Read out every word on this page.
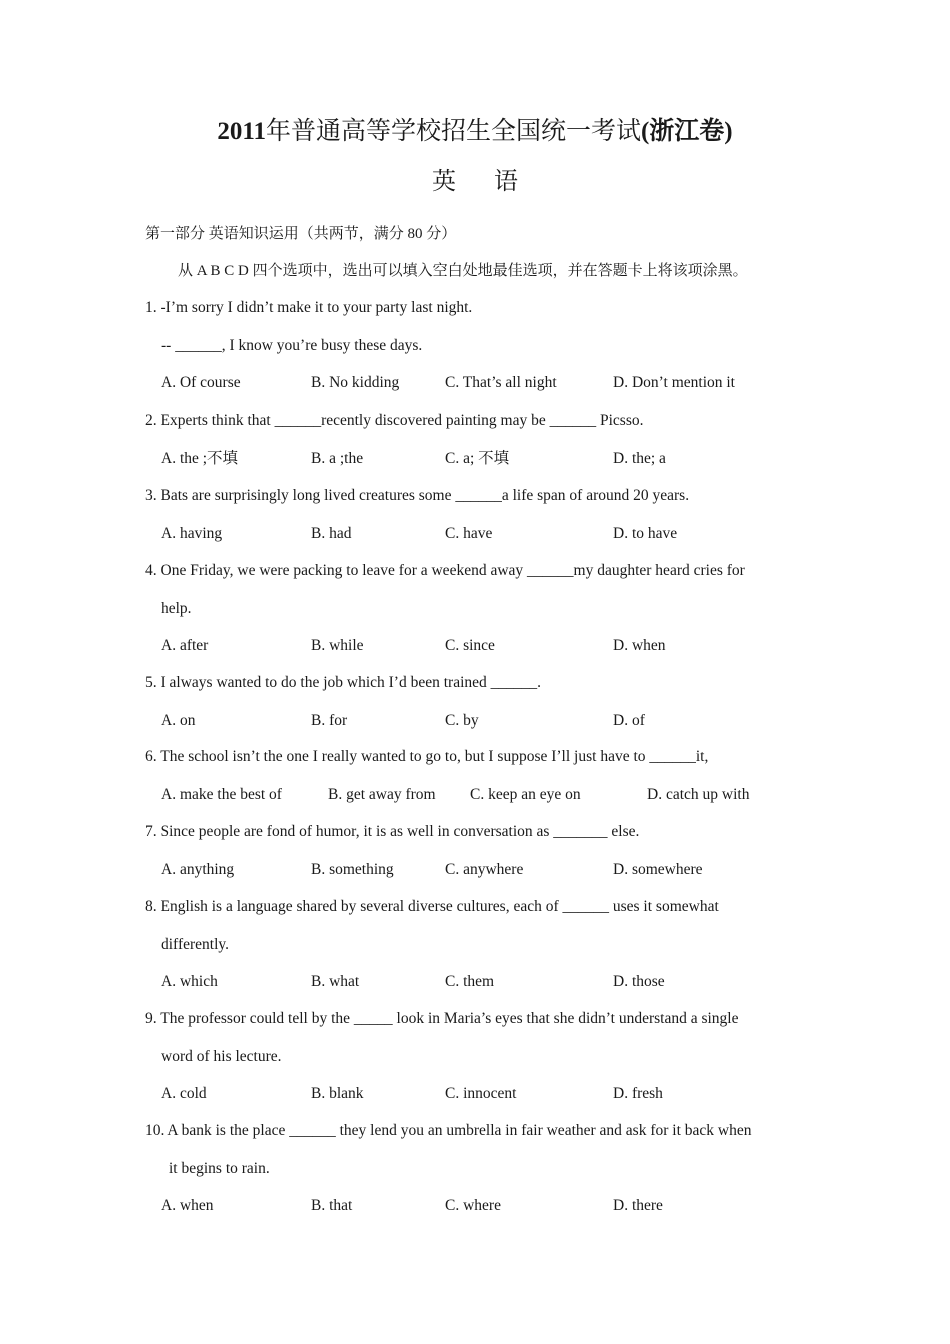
2011年普通高等学校招生全国统一考试(浙江卷)
英 语
第一部分 英语知识运用（共两节，满分 80 分）
从 A B C D 四个选项中，选出可以填入空白处地最佳选项，并在答题卡上将该项涂黑。
1. -I’m sorry I didn’t make it to your party last night.
-- ______, I know you’re busy these days.
A. Of course	B. No kidding	C. That’s all night	D. Don’t mention it
2. Experts think that ______recently discovered painting may be ______ Picsso.
A. the ;不填	B. a ;the	C. a; 不填	D. the; a
3. Bats are surprisingly long lived creatures some ______a life span of around 20 years.
A. having	B. had	C. have	D. to have
4. One Friday, we were packing to leave for a weekend away ______my daughter heard cries for
help.
A. after	B. while	C. since	D. when
5. I always wanted to do the job which I’d been trained ______.
A. on	B. for	C. by	D. of
6. The school isn’t the one I really wanted to go to, but I suppose I’ll just have to ______it,
A. make the best of	B. get away from C. keep an eye on	D. catch up with
7. Since people are fond of humor, it is as well in conversation as _______ else.
A. anything	B. something	C. anywhere	D. somewhere
8. English is a language shared by several diverse cultures, each of ______ uses it somewhat
differently.
A. which	B. what	C. them	D. those
9. The professor could tell by the _____ look in Maria’s eyes that she didn’t understand a single
word of his lecture.
A. cold	B. blank	C. innocent	D. fresh
10. A bank is the place ______ they lend you an umbrella in fair weather and ask for it back when
it begins to rain.
A. when	B. that	C. where	D. there
